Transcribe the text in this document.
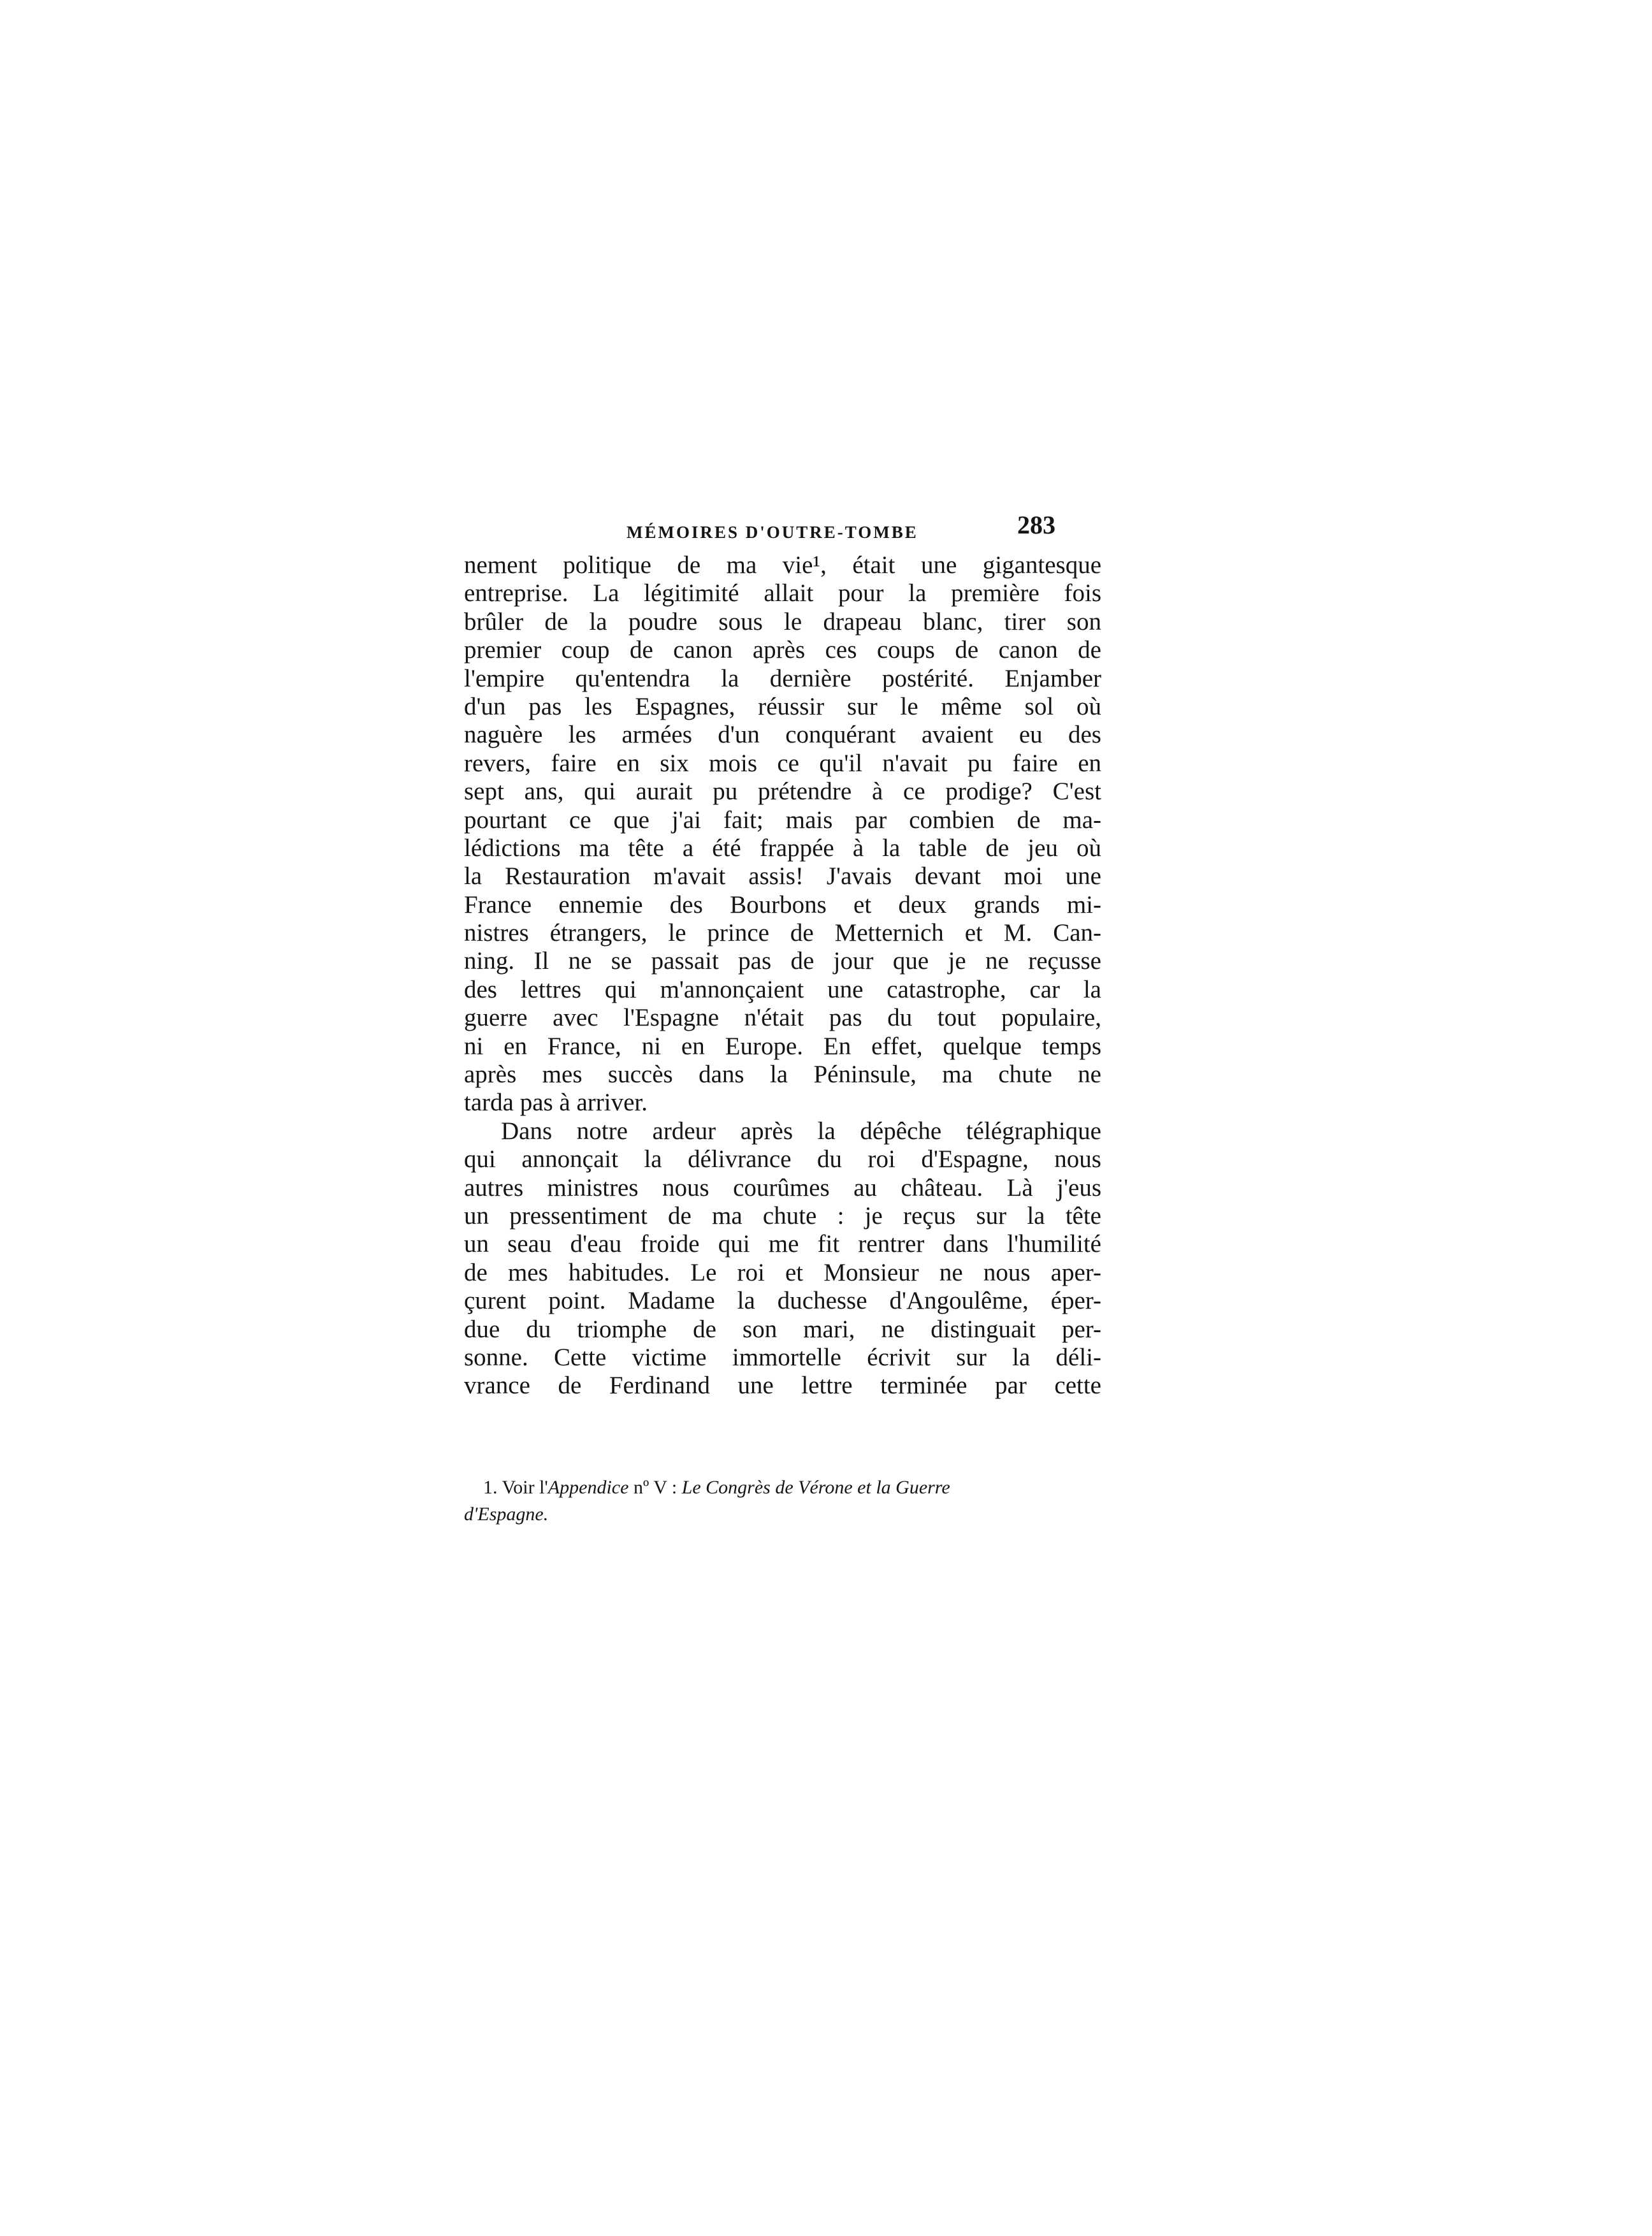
MÉMOIRES D'OUTRE-TOMBE	283
nement politique de ma vie¹, était une gigantesque
entreprise. La légitimité allait pour la première fois
brûler de la poudre sous le drapeau blanc, tirer son
premier coup de canon après ces coups de canon de
l'empire qu'entendra la dernière postérité. Enjamber
d'un pas les Espagnes, réussir sur le même sol où
naguère les armées d'un conquérant avaient eu des
revers, faire en six mois ce qu'il n'avait pu faire en
sept ans, qui aurait pu prétendre à ce prodige? C'est
pourtant ce que j'ai fait; mais par combien de ma-
lédictions ma tête a été frappée à la table de jeu où
la Restauration m'avait assis! J'avais devant moi une
France ennemie des Bourbons et deux grands mi-
nistres étrangers, le prince de Metternich et M. Can-
ning. Il ne se passait pas de jour que je ne reçusse
des lettres qui m'annonçaient une catastrophe, car la
guerre avec l'Espagne n'était pas du tout populaire,
ni en France, ni en Europe. En effet, quelque temps
après mes succès dans la Péninsule, ma chute ne
tarda pas à arriver.
Dans notre ardeur après la dépêche télégraphique
qui annonçait la délivrance du roi d'Espagne, nous
autres ministres nous courûmes au château. Là j'eus
un pressentiment de ma chute : je reçus sur la tête
un seau d'eau froide qui me fit rentrer dans l'humilité
de mes habitudes. Le roi et Monsieur ne nous aper-
çurent point. Madame la duchesse d'Angoulême, éper-
due du triomphe de son mari, ne distinguait per-
sonne. Cette victime immortelle écrivit sur la déli-
vrance de Ferdinand une lettre terminée par cette
1. Voir l'Appendice nº V : Le Congrès de Vérone et la Guerre
d'Espagne.
